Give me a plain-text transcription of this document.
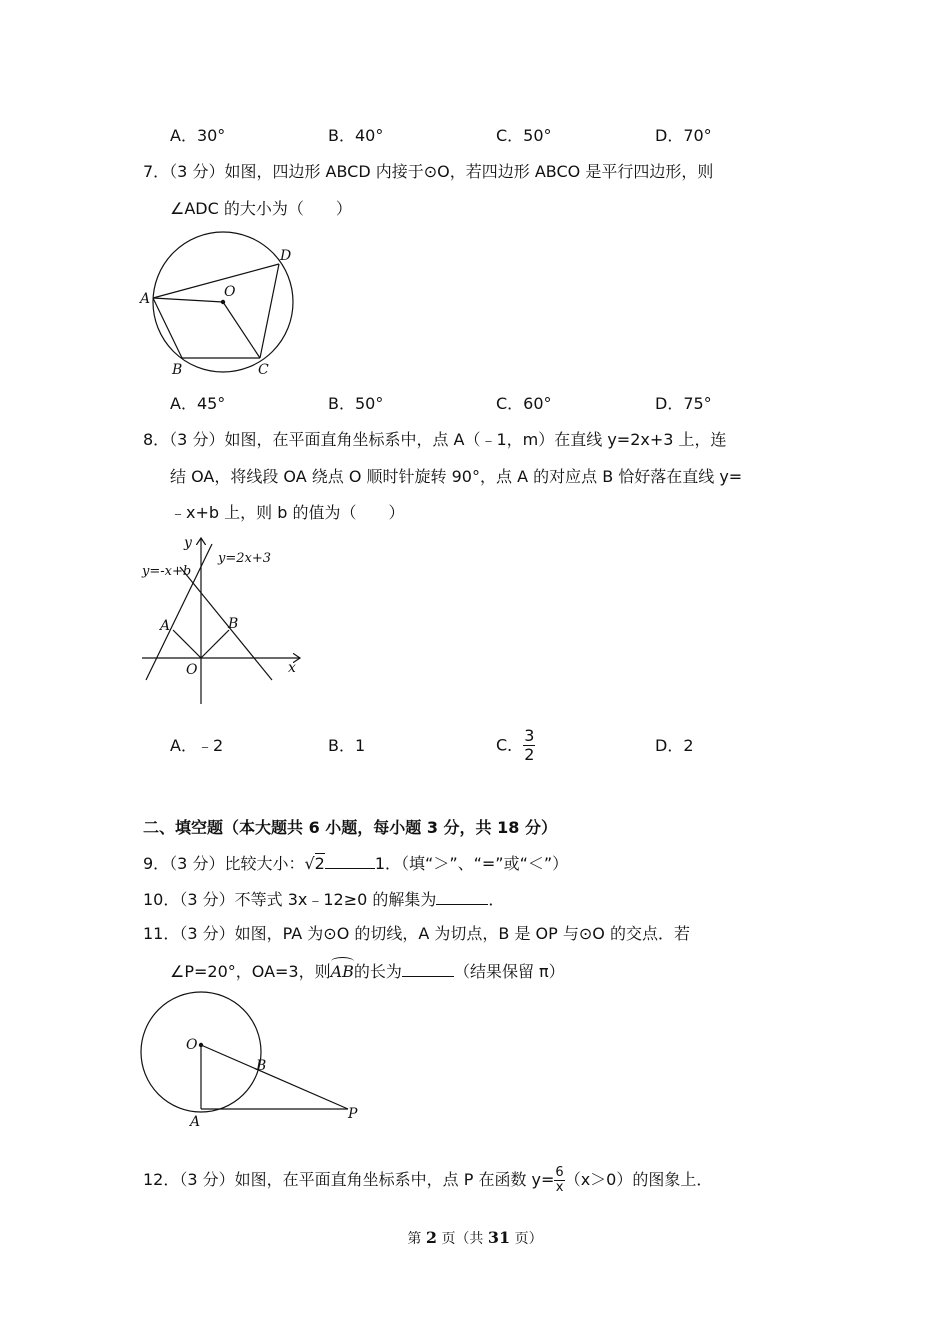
A．30°	B．40°	C．50°	D．70°
7．（3 分）如图，四边形 ABCD 内接于⊙O，若四边形 ABCO 是平行四边形，则
∠ADC 的大小为（　　）
A
D
O
B	C
A．45°	B．50°	C．60°	D．75°
8．（3 分）如图，在平面直角坐标系中，点 A（﹣1，m）在直线 y=2x+3 上，连
结 OA，将线段 OA 绕点 O 顺时针旋转 90°，点 A 的对应点 B 恰好落在直线 y=
﹣x+b 上，则 b 的值为（　　）
y
x
y=-x+b
y=2x+3
A	B
O
A．﹣2	B．1	C． $\frac{3}{2}$	D．2
二、填空题（本大题共 6 小题，每小题 3 分，共 18 分）
9．（3 分）比较大小：√2	1．（填“＞”、“=”或“＜”）
10．（3 分）不等式 3x﹣12≥0 的解集为	．
11．（3 分）如图，PA 为⊙O 的切线，A 为切点，B 是 OP 与⊙O 的交点．若
∠P=20°，OA=3，则AB的长为	（结果保留 π）
O
B
A	P
12．（3 分）如图，在平面直角坐标系中，点 P 在函数 $y= \frac{6}{x} (x>0)$的图象上．
第 2 页（共 31 页）
